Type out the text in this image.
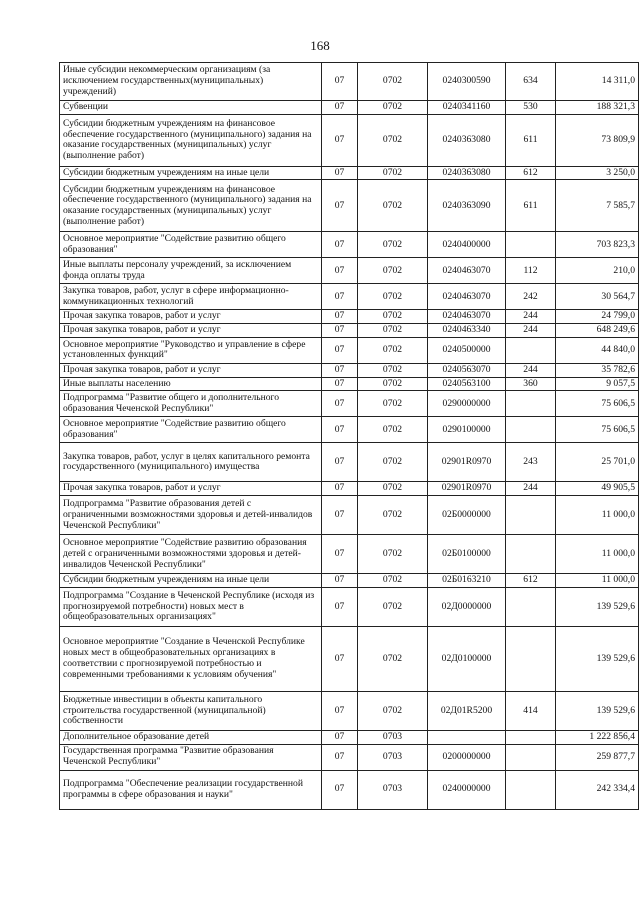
168
Иные субсидии некоммерческим организациям (за исключением государственных(муниципальных) учреждений)	07	0702	0240300590	634	14 311,0
Субвенции	07	0702	0240341160	530	188 321,3
Субсидии бюджетным учреждениям на финансовое обеспечение государственного (муниципального) задания на оказание государственных (муниципальных) услуг (выполнение работ)	07	0702	0240363080	611	73 809,9
Субсидии бюджетным учреждениям на иные цели	07	0702	0240363080	612	3 250,0
Субсидии бюджетным учреждениям на финансовое обеспечение государственного (муниципального) задания на оказание государственных (муниципальных) услуг (выполнение работ)	07	0702	0240363090	611	7 585,7
Основное мероприятие "Содействие развитию общего образования"	07	0702	0240400000		703 823,3
Иные выплаты персоналу учреждений, за исключением фонда оплаты труда	07	0702	0240463070	112	210,0
Закупка товаров, работ, услуг в сфере информационно-коммуникационных технологий	07	0702	0240463070	242	30 564,7
Прочая закупка товаров, работ и услуг	07	0702	0240463070	244	24 799,0
Прочая закупка товаров, работ и услуг	07	0702	0240463340	244	648 249,6
Основное мероприятие "Руководство и управление в сфере установленных функций"	07	0702	0240500000		44 840,0
Прочая закупка товаров, работ и услуг	07	0702	0240563070	244	35 782,6
Иные выплаты населению	07	0702	0240563100	360	9 057,5
Подпрограмма "Развитие общего и дополнительного образования Чеченской Республики"	07	0702	0290000000		75 606,5
Основное мероприятие "Содействие развитию общего образования"	07	0702	0290100000		75 606,5
Закупка товаров, работ, услуг в целях капитального ремонта государственного (муниципального) имущества	07	0702	02901R0970	243	25 701,0
Прочая закупка товаров, работ и услуг	07	0702	02901R0970	244	49 905,5
Подпрограмма "Развитие образования детей с ограниченными возможностями здоровья и детей-инвалидов Чеченской Республики"	07	0702	02Б0000000		11 000,0
Основное мероприятие "Содействие развитию образования детей с ограниченными возможностями здоровья и детей-инвалидов Чеченской Республики"	07	0702	02Б0100000		11 000,0
Субсидии бюджетным учреждениям на иные цели	07	0702	02Б0163210	612	11 000,0
Подпрограмма "Создание в Чеченской Республике (исходя из прогнозируемой потребности) новых мест в общеобразовательных организациях"	07	0702	02Д0000000		139 529,6
Основное мероприятие "Создание в Чеченской Республике новых мест в общеобразовательных организациях в соответствии с прогнозируемой потребностью и современными требованиями к условиям обучения"	07	0702	02Д0100000		139 529,6
Бюджетные инвестиции в объекты капитального строительства государственной (муниципальной) собственности	07	0702	02Д01R5200	414	139 529,6
Дополнительное образование детей	07	0703			1 222 856,4
Государственная программа "Развитие образования Чеченской Республики"	07	0703	0200000000		259 877,7
Подпрограмма "Обеспечение реализации государственной программы в сфере образования и науки"	07	0703	0240000000		242 334,4
